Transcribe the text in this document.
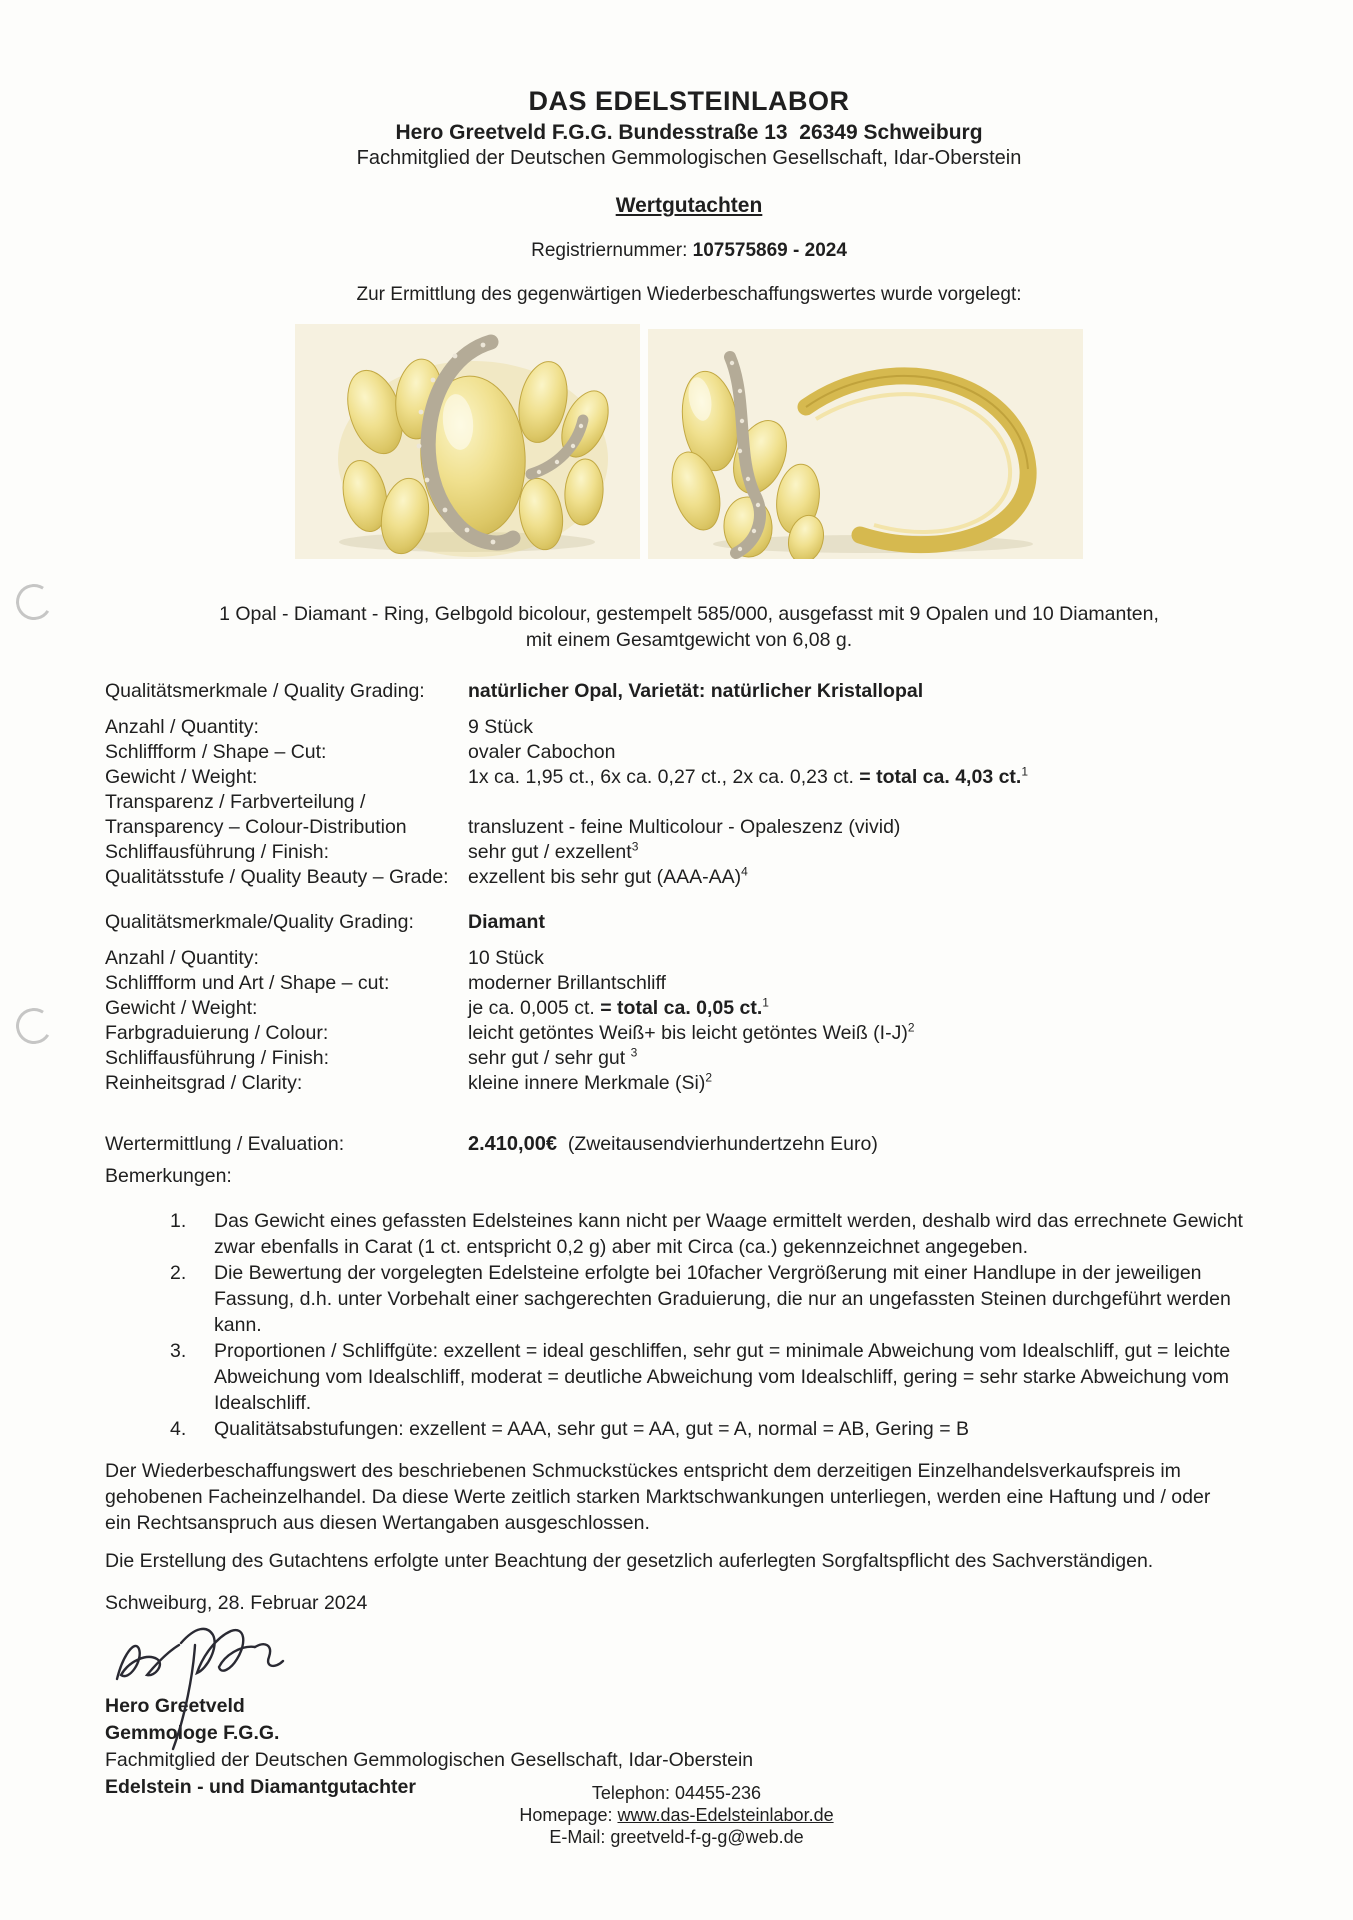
DAS EDELSTEINLABOR
Hero Greetveld F.G.G. Bundesstraße 13  26349 Schweiburg
Fachmitglied der Deutschen Gemmologischen Gesellschaft, Idar-Oberstein
Wertgutachten
Registriernummer: 107575869 - 2024
Zur Ermittlung des gegenwärtigen Wiederbeschaffungswertes wurde vorgelegt:
1 Opal - Diamant - Ring, Gelbgold bicolour, gestempelt 585/000, ausgefasst mit 9 Opalen und 10 Diamanten,
mit einem Gesamtgewicht von 6,08 g.
Qualitätsmerkmale / Quality Grading:	natürlicher Opal, Varietät: natürlicher Kristallopal
Anzahl / Quantity:	9 Stück
Schliffform / Shape – Cut:	ovaler Cabochon
Gewicht / Weight:	1x ca. 1,95 ct., 6x ca. 0,27 ct., 2x ca. 0,23 ct. = total ca. 4,03 ct.$^1$
Transparenz / Farbverteilung /
Transparency – Colour-Distribution	transluzent - feine Multicolour - Opaleszenz (vivid)
Schliffausführung / Finish:	sehr gut / exzellent$^3$
Qualitätsstufe / Quality Beauty – Grade: exzellent bis sehr gut $(AAA-AA)^4$
Qualitätsmerkmale/Quality Grading:	Diamant
Anzahl / Quantity:	10 Stück
Schliffform und Art / Shape – cut:	moderner Brillantschliff
Gewicht / Weight:	je ca. 0,005 ct. = total ca. 0,05 ct.$^1$
Farbgraduierung / Colour:	leicht getöntes Weiß+ bis leicht getöntes Weiß $(I-J)^2$
Schliffausführung / Finish:	sehr gut / sehr gut $^3$
Reinheitsgrad / Clarity:	kleine innere Merkmale $(Si)^2$
Wertermittlung / Evaluation:	2.410,00€  (Zweitausendvierhundertzehn Euro)
Bemerkungen:
1.	Das Gewicht eines gefassten Edelsteines kann nicht per Waage ermittelt werden, deshalb wird das errechnete Gewicht zwar ebenfalls in Carat (1 ct. entspricht 0,2 g) aber mit Circa (ca.) gekennzeichnet angegeben.
2.	Die Bewertung der vorgelegten Edelsteine erfolgte bei 10facher Vergrößerung mit einer Handlupe in der jeweiligen Fassung, d.h. unter Vorbehalt einer sachgerechten Graduierung, die nur an ungefassten Steinen durchgeführt werden kann.
3.	Proportionen / Schliffgüte: exzellent = ideal geschliffen, sehr gut = minimale Abweichung vom Idealschliff, gut = leichte Abweichung vom Idealschliff, moderat = deutliche Abweichung vom Idealschliff, gering = sehr starke Abweichung vom Idealschliff.
4.	Qualitätsabstufungen: exzellent = AAA, sehr gut = AA, gut = A, normal = AB, Gering = B
Der Wiederbeschaffungswert des beschriebenen Schmuckstückes entspricht dem derzeitigen Einzelhandelsverkaufspreis im gehobenen Facheinzelhandel. Da diese Werte zeitlich starken Marktschwankungen unterliegen, werden eine Haftung und / oder ein Rechtsanspruch aus diesen Wertangaben ausgeschlossen.
Die Erstellung des Gutachtens erfolgte unter Beachtung der gesetzlich auferlegten Sorgfaltspflicht des Sachverständigen.
Schweiburg, 28. Februar 2024
Hero Greetveld
Gemmologe F.G.G.
Fachmitglied der Deutschen Gemmologischen Gesellschaft, Idar-Oberstein
Edelstein - und Diamantgutachter	Telephon: 04455-236
Homepage: www.das-Edelsteinlabor.de
E-Mail: greetveld-f-g-g@web.de
